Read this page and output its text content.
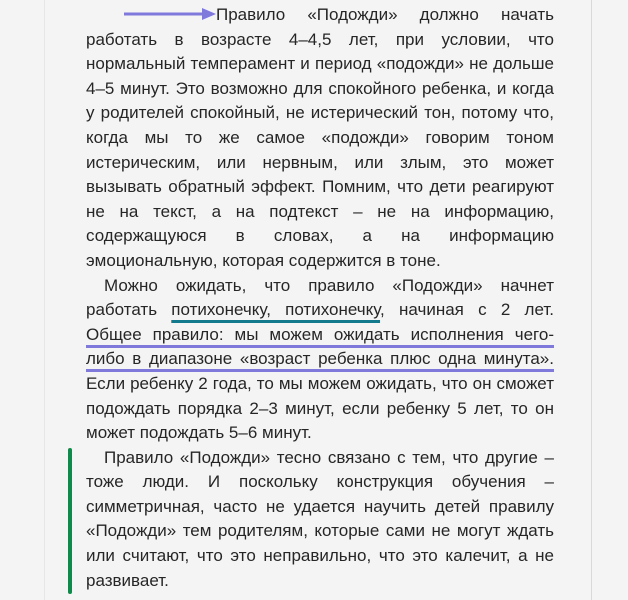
Правило «Подожди» должно начать работать в возрасте 4–4,5 лет, при условии, что нормальный темперамент и период «подожди» не дольше 4–5 минут. Это возможно для спокойного ребенка, и когда у родителей спокойный, не истерический тон, потому что, когда мы то же самое «подожди» говорим тоном истерическим, или нервным, или злым, это может вызывать обратный эффект. Помним, что дети реагируют не на текст, а на подтекст – не на информацию, содержащуюся в словах, а на информацию эмоциональную, которая содержится в тоне.

Можно ожидать, что правило «Подожди» начнет работать потихонечку, потихонечку, начиная с 2 лет. Общее правило: мы можем ожидать исполнения чего-либо в диапазоне «возраст ребенка плюс одна минута». Если ребенку 2 года, то мы можем ожидать, что он сможет подождать порядка 2–3 минут, если ребенку 5 лет, то он может подождать 5–6 минут.

Правило «Подожди» тесно связано с тем, что другие – тоже люди. И поскольку конструкция обучения – симметричная, часто не удается научить детей правилу «Подожди» тем родителям, которые сами не могут ждать или считают, что это неправильно, что это калечит, а не развивает.
